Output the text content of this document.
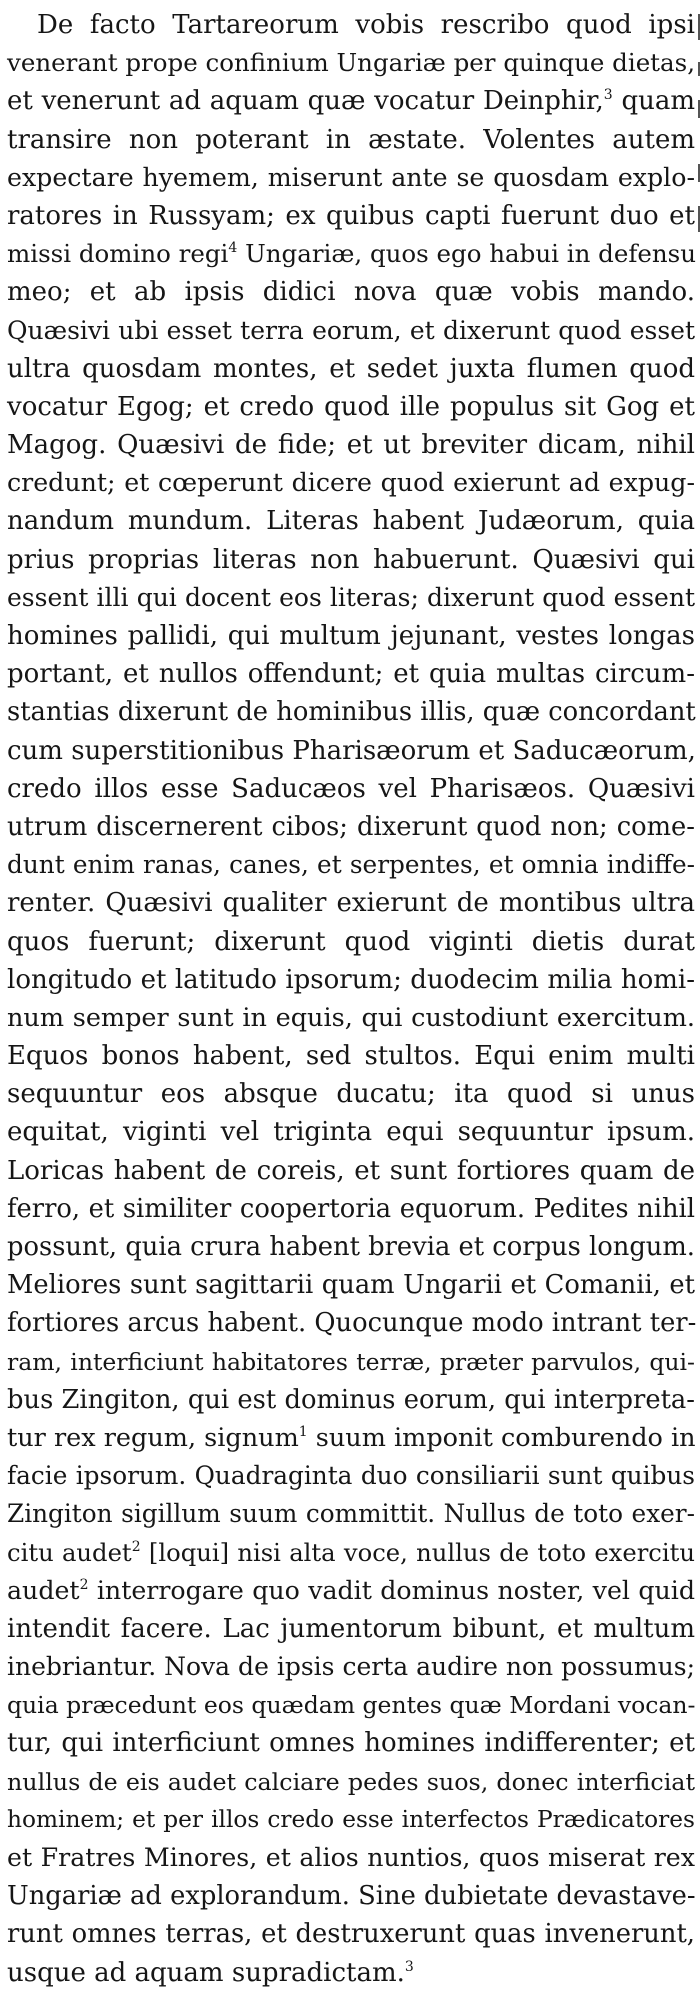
De facto Tartareorum vobis rescribo quod ipsi
venerant prope confinium Ungariæ per quinque dietas,
et venerunt ad aquam quæ vocatur Deinphir,$^3$ quam
transire non poterant in æstate. Volentes autem
expectare hyemem, miserunt ante se quosdam explo-
ratores in Russyam; ex quibus capti fuerunt duo et
missi domino regi$^4$ Ungariæ, quos ego habui in defensu
meo; et ab ipsis didici nova quæ vobis mando.
Quæsivi ubi esset terra eorum, et dixerunt quod esset
ultra quosdam montes, et sedet juxta flumen quod
vocatur Egog; et credo quod ille populus sit Gog et
Magog. Quæsivi de fide; et ut breviter dicam, nihil
credunt; et cœperunt dicere quod exierunt ad expug-
nandum mundum. Literas habent Judæorum, quia
prius proprias literas non habuerunt. Quæsivi qui
essent illi qui docent eos literas; dixerunt quod essent
homines pallidi, qui multum jejunant, vestes longas
portant, et nullos offendunt; et quia multas circum-
stantias dixerunt de hominibus illis, quæ concordant
cum superstitionibus Pharisæorum et Saducæorum,
credo illos esse Saducæos vel Pharisæos. Quæsivi
utrum discernerent cibos; dixerunt quod non; come-
dunt enim ranas, canes, et serpentes, et omnia indiffe-
renter. Quæsivi qualiter exierunt de montibus ultra
quos fuerunt; dixerunt quod viginti dietis durat
longitudo et latitudo ipsorum; duodecim milia homi-
num semper sunt in equis, qui custodiunt exercitum.
Equos bonos habent, sed stultos. Equi enim multi
sequuntur eos absque ducatu; ita quod si unus
equitat, viginti vel triginta equi sequuntur ipsum.
Loricas habent de coreis, et sunt fortiores quam de
ferro, et similiter coopertoria equorum. Pedites nihil
possunt, quia crura habent brevia et corpus longum.
Meliores sunt sagittarii quam Ungarii et Comanii, et
fortiores arcus habent. Quocunque modo intrant ter-
ram, interficiunt habitatores terræ, præter parvulos, qui-
bus Zingiton, qui est dominus eorum, qui interpreta-
tur rex regum, signum$^1$ suum imponit comburendo in
facie ipsorum. Quadraginta duo consiliarii sunt quibus
Zingiton sigillum suum committit. Nullus de toto exer-
citu audet$^2$ [loqui] nisi alta voce, nullus de toto exercitu
audet$^2$ interrogare quo vadit dominus noster, vel quid
intendit facere. Lac jumentorum bibunt, et multum
inebriantur. Nova de ipsis certa audire non possumus;
quia præcedunt eos quædam gentes quæ Mordani vocan-
tur, qui interficiunt omnes homines indifferenter; et
nullus de eis audet calciare pedes suos, donec interficiat
hominem; et per illos credo esse interfectos Prædicatores
et Fratres Minores, et alios nuntios, quos miserat rex
Ungariæ ad explorandum. Sine dubietate devastave-
runt omnes terras, et destruxerunt quas invenerunt,
usque ad aquam supradictam.$^3$
